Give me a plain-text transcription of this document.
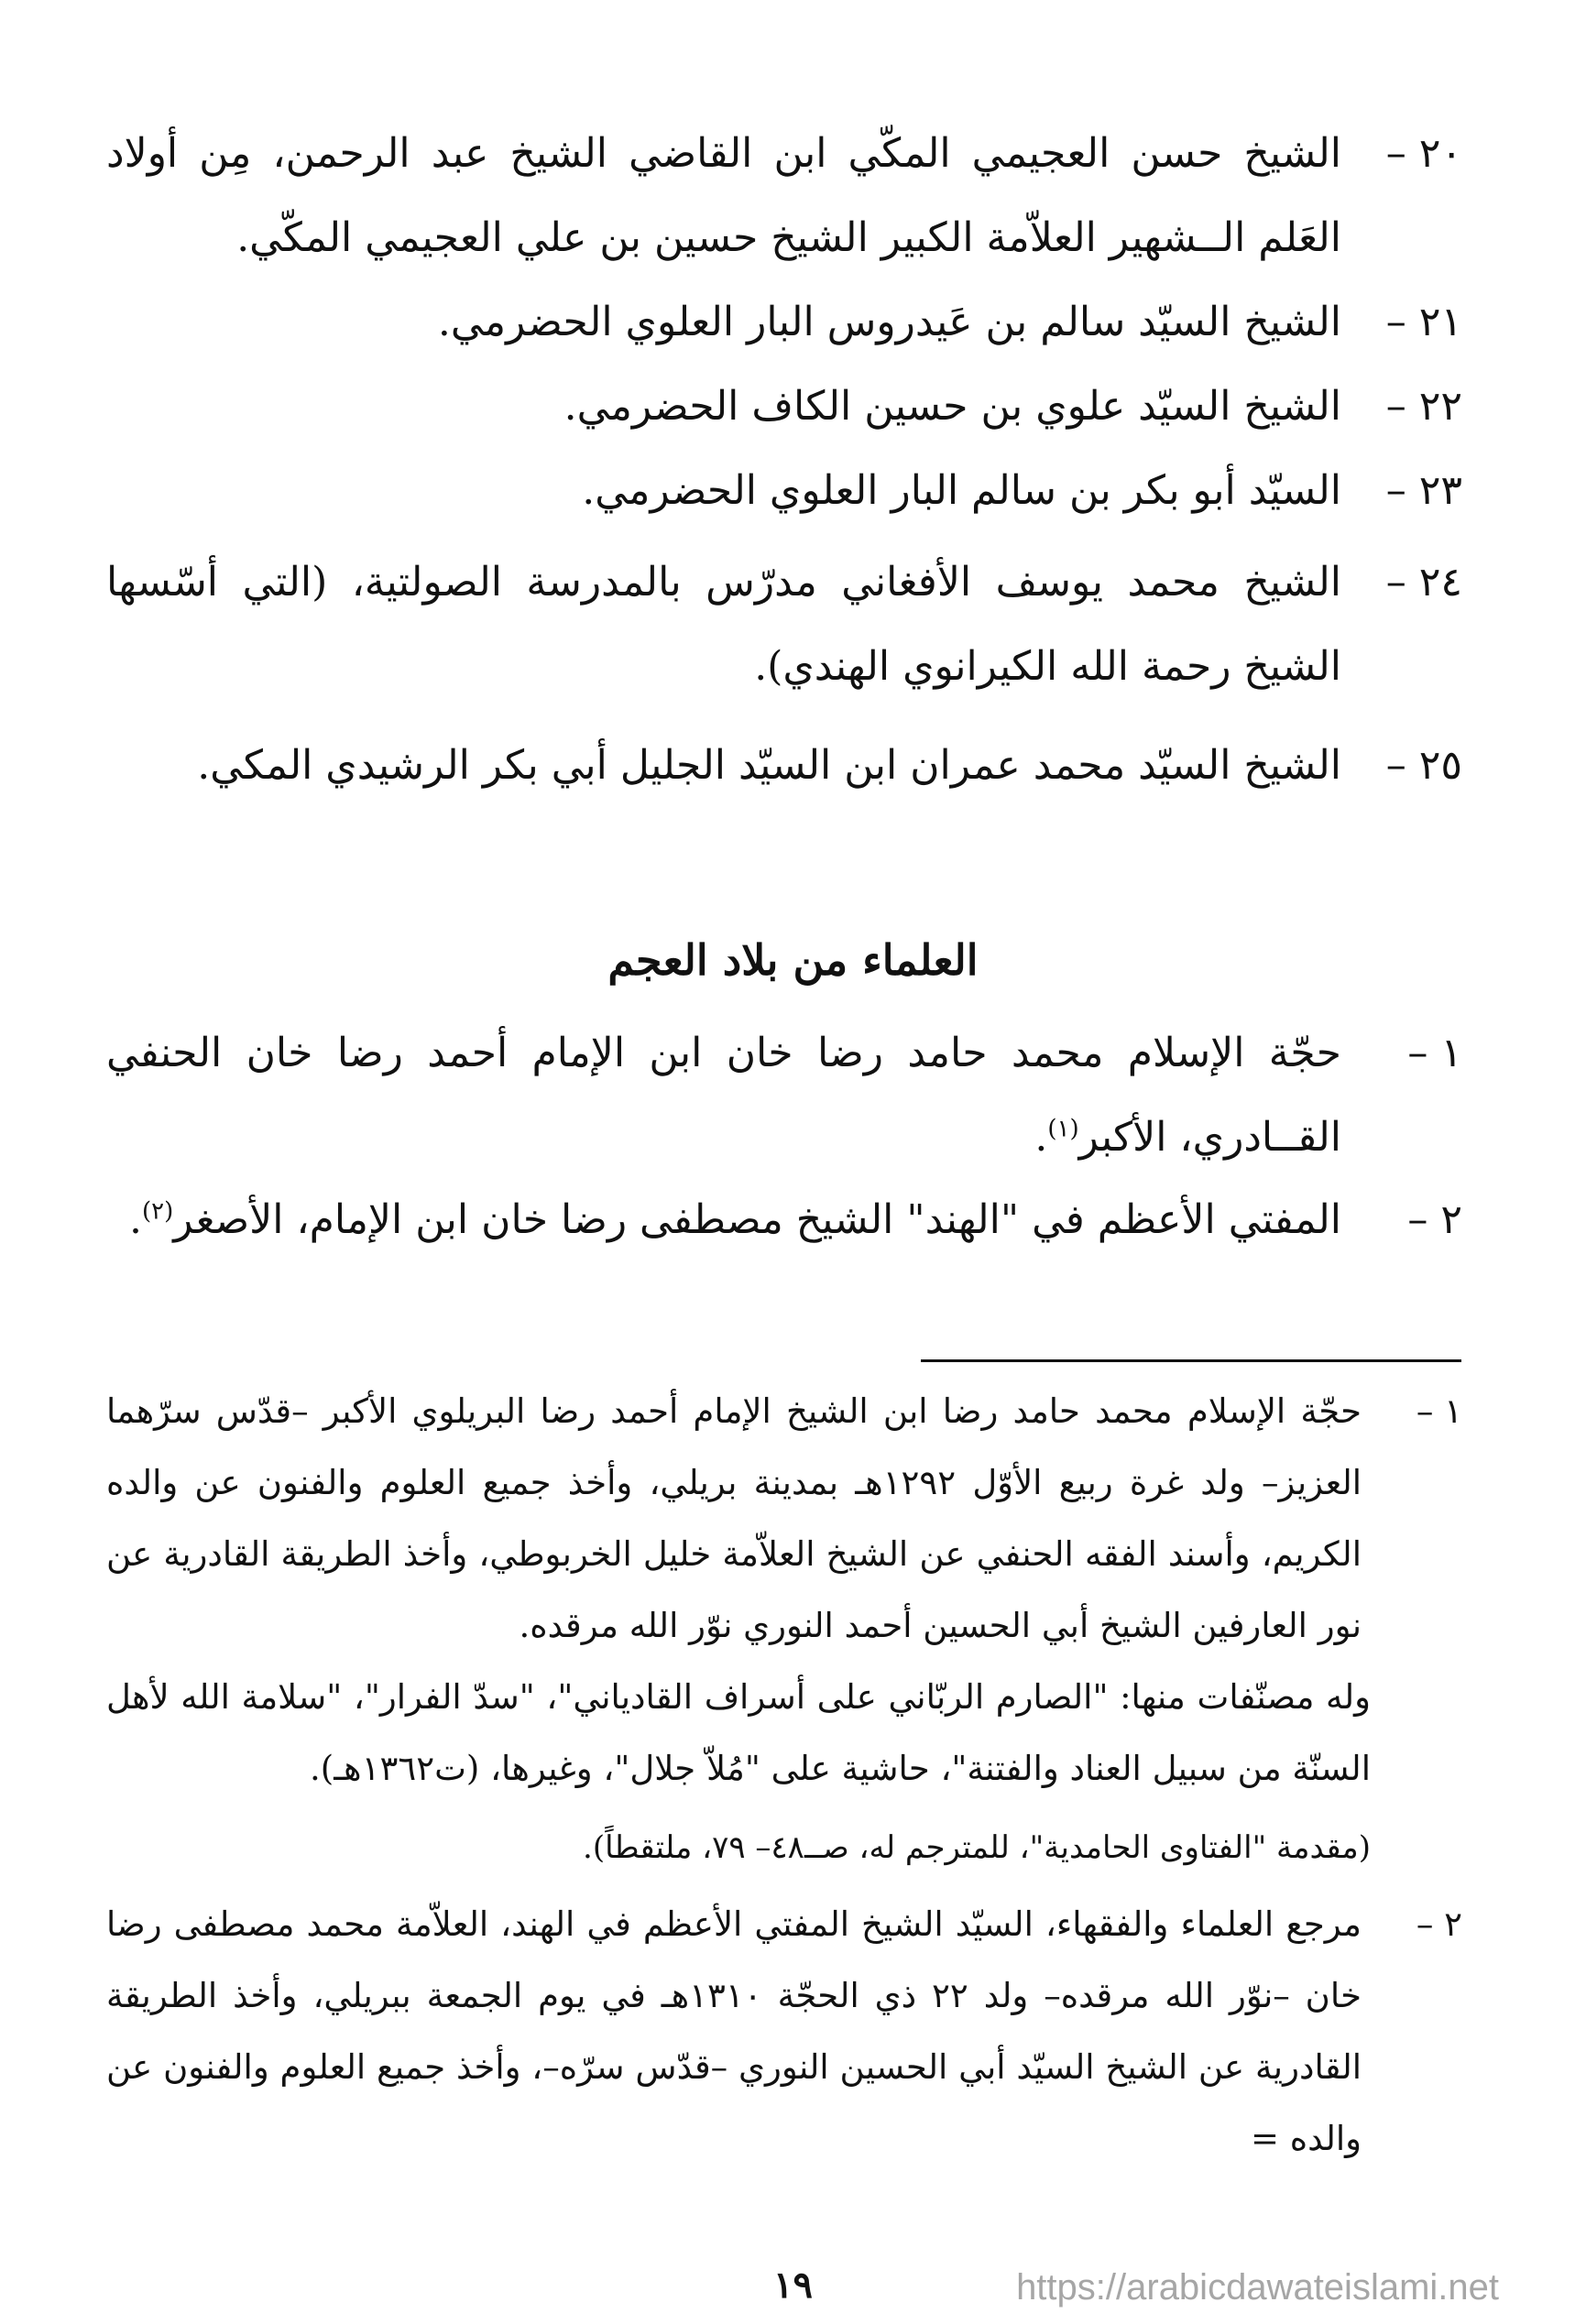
٢٠ –
الشيخ حسن العجيمي المكّي ابن القاضي الشيخ عبد الرحمن، مِن أولاد العَلم الــشهير العلاّمة الكبير الشيخ حسين بن علي العجيمي المكّي.
٢١ –
الشيخ السيّد سالم بن عَيدروس البار العلوي الحضرمي.
٢٢ –
الشيخ السيّد علوي بن حسين الكاف الحضرمي.
٢٣ –
السيّد أبو بكر بن سالم البار العلوي الحضرمي.
٢٤ –
الشيخ محمد يوسف الأفغاني مدرّس بالمدرسة الصولتية، (التي أسّسها الشيخ رحمة الله الكيرانوي الهندي).
٢٥ –
الشيخ السيّد محمد عمران ابن السيّد الجليل أبي بكر الرشيدي المكي.
العلماء من بلاد العجم
١ –
حجّة الإسلام محمد حامد رضا خان ابن الإمام أحمد رضا خان الحنفي القــادري، الأكبر$^{(١)}$.
٢ –
المفتي الأعظم في "الهند" الشيخ مصطفى رضا خان ابن الإمام، الأصغر$^{(٢)}$.
١ –
حجّة الإسلام محمد حامد رضا ابن الشيخ الإمام أحمد رضا البريلوي الأكبر –قدّس سرّهما العزيز– ولد غرة ربيع الأوّل ١٢٩٢هـ بمدينة بريلي، وأخذ جميع العلوم والفنون عن والده الكريم، وأسند الفقه الحنفي عن الشيخ العلاّمة خليل الخربوطي، وأخذ الطريقة القادرية عن نور العارفين الشيخ أبي الحسين أحمد النوري نوّر الله مرقده.
وله مصنّفات منها: "الصارم الربّاني على أسراف القادياني"، "سدّ الفرار"، "سلامة الله لأهل السنّة من سبيل العناد والفتنة"، حاشية على "مُلاّ جلال"، وغيرها، (ت١٣٦٢هـ).
(مقدمة "الفتاوى الحامدية"، للمترجم له، صــ٤٨– ٧٩، ملتقطاً).
٢ –
مرجع العلماء والفقهاء، السيّد الشيخ المفتي الأعظم في الهند، العلاّمة محمد مصطفى رضا خان –نوّر الله مرقده– ولد ٢٢ ذي الحجّة ١٣١٠هـ في يوم الجمعة ببريلي، وأخذ الطريقة القادرية عن الشيخ السيّد أبي الحسين النوري –قدّس سرّه–، وأخذ جميع العلوم والفنون عن والده =
١٩	https://arabicdawateislami.net
